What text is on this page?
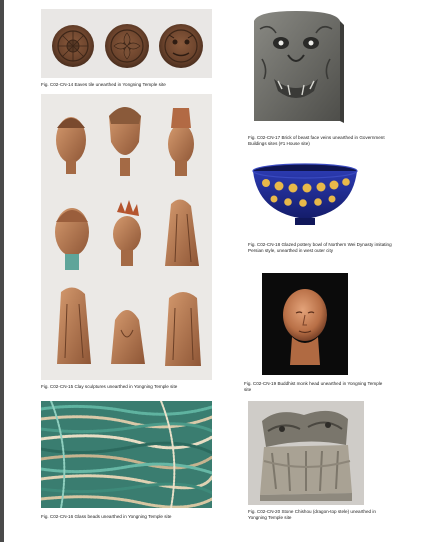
Fig. C02-CN-14 Eaves tile unearthed in Yongning Temple site

Fig. C02-CN-15 Clay sculptures unearthed in Yongning Temple site

Fig. C02-CN-16 Glass beads unearthed in Yongning Temple site

Fig. C02-CN-17 Brick of beast face veins unearthed in Government Buildings sites (#1 House site)

Fig. C02-CN-18 Glazed pottery bowl of Northern Wei Dynasty imitating Persian style, unearthed in west outer city

Fig. C02-CN-19 Buddhist monk head unearthed in Yongning Temple site

Fig. C02-CN-20 Stone Chishou (dragon-top stele) unearthed in Yongning Temple site
